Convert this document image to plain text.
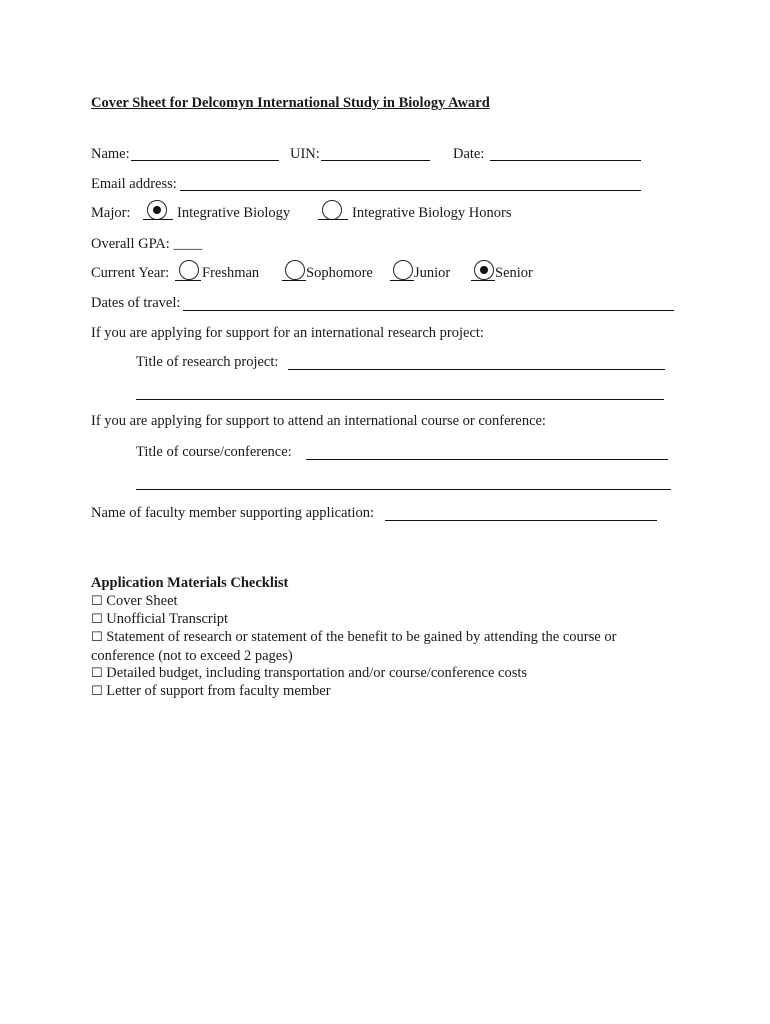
Cover Sheet for Delcomyn International Study in Biology Award
Name:	UIN:	Date:
Email address:
Major:	Integrative Biology	Integrative Biology Honors
Overall GPA: ____
Current Year: Freshman	Sophomore	Junior	Senior
Dates of travel:
If you are applying for support for an international research project:
Title of research project:
If you are applying for support to attend an international course or conference:
Title of course/conference:
Name of faculty member supporting application:
Application Materials Checklist
☐ Cover Sheet
☐ Unofficial Transcript
☐ Statement of research or statement of the benefit to be gained by attending the course or
conference (not to exceed 2 pages)
☐ Detailed budget, including transportation and/or course/conference costs
☐ Letter of support from faculty member
